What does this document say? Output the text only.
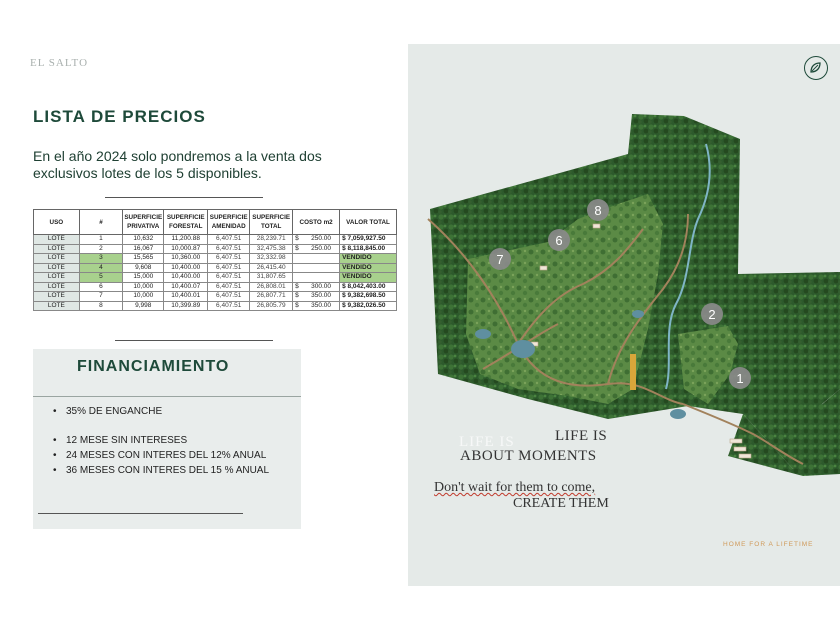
EL SALTO
LISTA DE PRECIOS
En el año 2024 solo pondremos a la venta dos exclusivos lotes de los 5 disponibles.
USO	#	SUPERFICIE PRIVATIVA	SUPERFICIE FORESTAL	SUPERFICIE AMENIDAD	SUPERFICIE TOTAL	COSTO m2	VALOR TOTAL
LOTE	1	10,632	11,200.88	6,407.51	28,239.71	$ 250.00	$ 7,059,927.50
LOTE	2	16,067	10,000.87	6,407.51	32,475.38	$ 250.00	$ 8,118,845.00
LOTE	3	15,565	10,360.00	6,407.51	32,332.98		VENDIDO
LOTE	4	9,608	10,400.00	6,407.51	26,415.40		VENDIDO
LOTE	5	15,000	10,400.00	6,407.51	31,807.65		VENDIDO
LOTE	6	10,000	10,400.07	6,407.51	26,808.01	$ 300.00	$ 8,042,403.00
LOTE	7	10,000	10,400.01	6,407.51	26,807.71	$ 350.00	$ 9,382,698.50
LOTE	8	9,998	10,399.89	6,407.51	26,805.79	$ 350.00	$ 9,382,026.50
FINANCIAMIENTO
• 35% DE ENGANCHE
• 12 MESE SIN INTERESES
• 24 MESES CON INTERES DEL 12% ANUAL
• 36 MESES CON INTERES DEL 15 % ANUAL
8
6
7
2
1
LIFE IS	LIFE IS
ABOUT MOMENTS
Don't wait for them to come,
CREATE THEM
HOME FOR A LIFETIME
